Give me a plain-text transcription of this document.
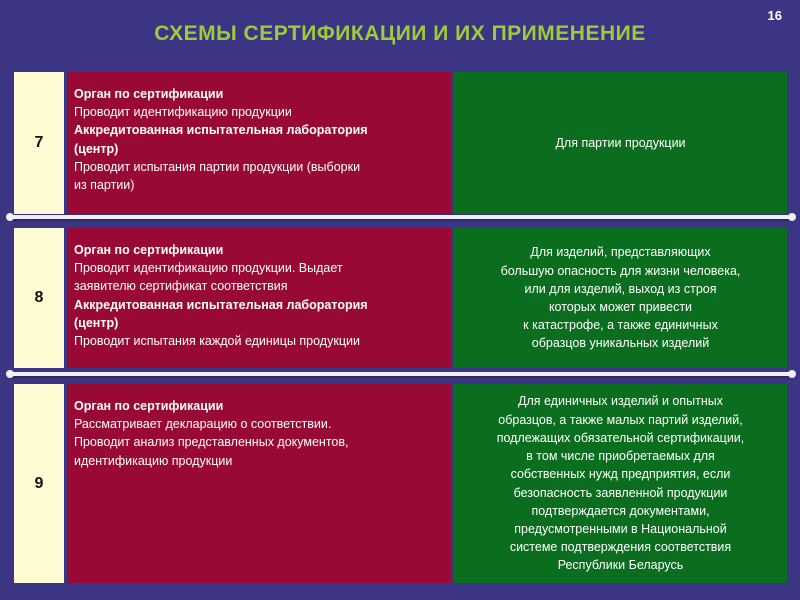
16
СХЕМЫ СЕРТИФИКАЦИИ И ИХ ПРИМЕНЕНИЕ
7
Орган по сертификации
Проводит идентификацию продукции
Аккредитованная испытательная лаборатория
(центр)
Проводит испытания партии продукции (выборки
из партии)
Для партии продукции
8
Орган по сертификации
Проводит идентификацию продукции. Выдает
заявителю сертификат соответствия
Аккредитованная испытательная лаборатория
(центр)
Проводит испытания каждой единицы продукции
Для изделий, представляющих
большую опасность для жизни человека,
или для изделий, выход из строя
которых может привести
к катастрофе, а также единичных
образцов уникальных изделий
9
Орган по сертификации
Рассматривает декларацию о соответствии.
Проводит анализ представленных документов,
идентификацию продукции
Для единичных изделий и опытных
образцов, а также малых партий изделий,
подлежащих обязательной сертификации,
в том числе приобретаемых для
собственных нужд предприятия, если
безопасность заявленной продукции
подтверждается документами,
предусмотренными в Национальной
системе подтверждения соответствия
Республики Беларусь
